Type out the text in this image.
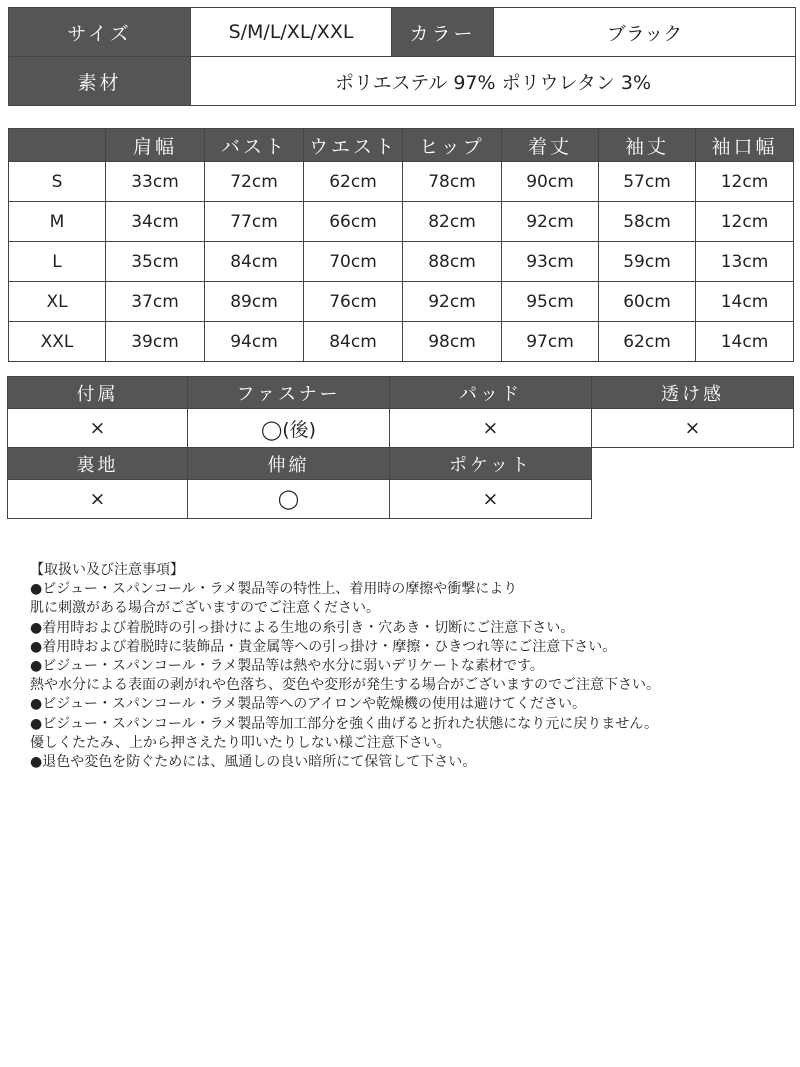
サイズ	S/M/L/XL/XXL	カラー	ブラック
素材	ポリエステル 97% ポリウレタン 3%		
	肩幅	バスト	ウエスト	ヒップ	着丈	袖丈	袖口幅
S	33cm	72cm	62cm	78cm	90cm	57cm	12cm
M	34cm	77cm	66cm	82cm	92cm	58cm	12cm
L	35cm	84cm	70cm	88cm	93cm	59cm	13cm
XL	37cm	89cm	76cm	92cm	95cm	60cm	14cm
XXL	39cm	94cm	84cm	98cm	97cm	62cm	14cm
付属	ファスナー	パッド	透け感
×	◯(後)	×	×
裏地	伸縮	ポケット	
×	◯	×	
【取扱い及び注意事項】
●ビジュー・スパンコール・ラメ製品等の特性上、着用時の摩擦や衝撃により
肌に刺激がある場合がございますのでご注意ください。
●着用時および着脱時の引っ掛けによる生地の糸引き・穴あき・切断にご注意下さい。
●着用時および着脱時に装飾品・貴金属等への引っ掛け・摩擦・ひきつれ等にご注意下さい。
●ビジュー・スパンコール・ラメ製品等は熱や水分に弱いデリケートな素材です。
熱や水分による表面の剥がれや色落ち、変色や変形が発生する場合がございますのでご注意下さい。
●ビジュー・スパンコール・ラメ製品等へのアイロンや乾燥機の使用は避けてください。
●ビジュー・スパンコール・ラメ製品等加工部分を強く曲げると折れた状態になり元に戻りません。
優しくたたみ、上から押さえたり叩いたりしない様ご注意下さい。
●退色や変色を防ぐためには、風通しの良い暗所にて保管して下さい。
